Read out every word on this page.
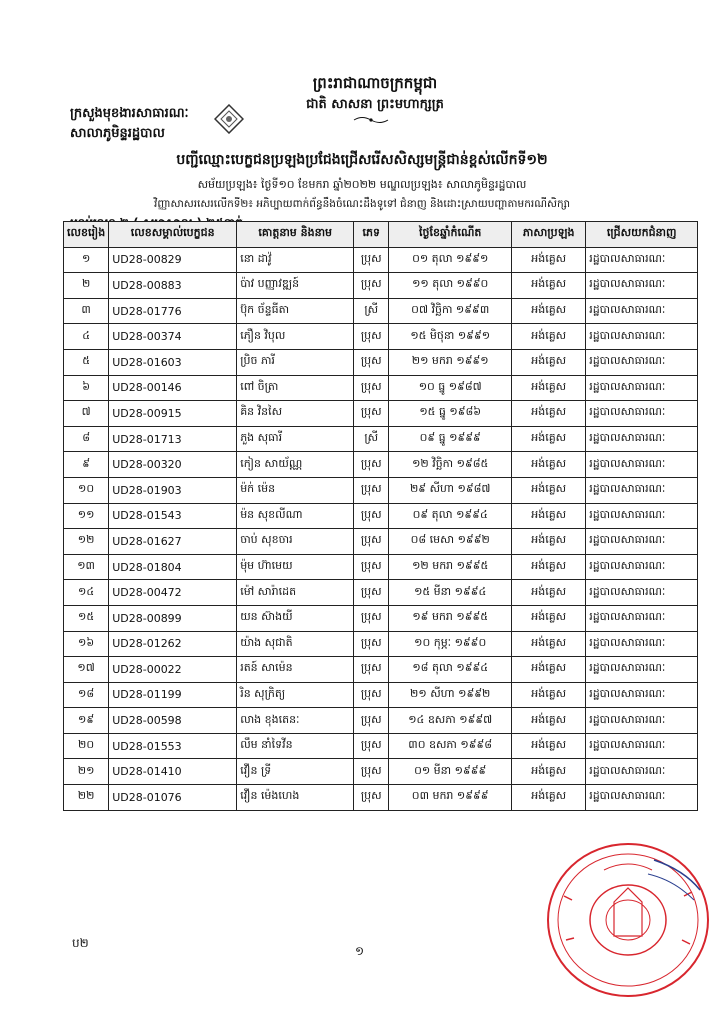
ព្រះរាជាណាចក្រកម្ពុជា
ជាតិ សាសនា ព្រះមហាក្សត្រ
ក្រសួងមុខងារសាធារណៈ
សាលាភូមិន្ទរដ្ឋបាល
បញ្ជីឈ្មោះបេក្ខជនប្រឡងប្រជែងជ្រើសរើសសិស្សមន្ត្រីជាន់ខ្ពស់លើកទី១២
សម័យប្រឡង៖ ថ្ងៃទី១០ ខែមករា ឆ្នាំ២០២២ មណ្ឌលប្រឡង៖ សាលាភូមិន្ទរដ្ឋបាល
វិញ្ញាសាសរសេរលើកទី២៖ អភិប្បាយពាក់ព័ន្ធនឹងចំណេះដឹងទូទៅ ជំនាញ និងដោះស្រាយបញ្ហាតាមករណីសិក្សា
លេខរៀង	លេខសម្គាល់បេក្ខជន	គោត្តនាម និងនាម	ភេទ	ថ្ងៃខែឆ្នាំកំណើត	ភាសាប្រឡង	ជ្រើសយកជំនាញ
១	UD28-00829	នោ ដាវ៉ូ	ប្រុស	០១ តុលា ១៩៩១	អង់គ្លេស	រដ្ឋបាលសាធារណៈ
២	UD28-00883	ប៉ាវ បញ្ញាវឌ្ឍន៍	ប្រុស	១១ តុលា ១៩៩០	អង់គ្លេស	រដ្ឋបាលសាធារណៈ
៣	UD28-01776	ប៊ុក ច័ន្ទធីតា	ស្រី	០៧ វិច្ឆិកា ១៩៩៣	អង់គ្លេស	រដ្ឋបាលសាធារណៈ
៤	UD28-00374	ភឿន វិបុល	ប្រុស	១៥ មិថុនា ១៩៩១	អង់គ្លេស	រដ្ឋបាលសាធារណៈ
៥	UD28-01603	ប្រិច ភារី	ប្រុស	២១ មករា ១៩៩១	អង់គ្លេស	រដ្ឋបាលសាធារណៈ
៦	UD28-00146	ពៅ ចិត្រា	ប្រុស	១០ ធ្នូ ១៩៨៧	អង់គ្លេស	រដ្ឋបាលសាធារណៈ
៧	UD28-00915	គិន វិនសៃ	ប្រុស	១៥ ធ្នូ ១៩៨៦	អង់គ្លេស	រដ្ឋបាលសាធារណៈ
៨	UD28-01713	ភួង សុធារី	ស្រី	០៩ ធ្នូ ១៩៩៩	អង់គ្លេស	រដ្ឋបាលសាធារណៈ
៩	UD28-00320	កៀន សាយ័ណ្ណ	ប្រុស	១២ វិច្ឆិកា ១៩៨៥	អង់គ្លេស	រដ្ឋបាលសាធារណៈ
១០	UD28-01903	ម៉ក់ ម៉េន	ប្រុស	២៩ សីហា ១៩៨៧	អង់គ្លេស	រដ្ឋបាលសាធារណៈ
១១	UD28-01543	ម៉ន សុខលីណា	ប្រុស	០៩ តុលា ១៩៩៤	អង់គ្លេស	រដ្ឋបាលសាធារណៈ
១២	UD28-01627	ចាប់ សុខចារ	ប្រុស	០៨ មេសា ១៩៩២	អង់គ្លេស	រដ្ឋបាលសាធារណៈ
១៣	UD28-01804	ម៉ុម ហ៊ាមេយ	ប្រុស	១២ មករា ១៩៩៥	អង់គ្លេស	រដ្ឋបាលសាធារណៈ
១៤	UD28-00472	ម៉ៅ សារ៉ាដេត	ប្រុស	១៥ មីនា ១៩៩៤	អង់គ្លេស	រដ្ឋបាលសាធារណៈ
១៥	UD28-00899	យន ស៊ាងយី	ប្រុស	១៩ មករា ១៩៩៥	អង់គ្លេស	រដ្ឋបាលសាធារណៈ
១៦	UD28-01262	យ៉ាង សុជាតិ	ប្រុស	១០ កុម្ភៈ ១៩៩០	អង់គ្លេស	រដ្ឋបាលសាធារណៈ
១៧	UD28-00022	រតន៍ សាម៉េន	ប្រុស	១៨ តុលា ១៩៩៤	អង់គ្លេស	រដ្ឋបាលសាធារណៈ
១៨	UD28-01199	រិន សុក្រិត្យ	ប្រុស	២១ សីហា ១៩៩២	អង់គ្លេស	រដ្ឋបាលសាធារណៈ
១៩	UD28-00598	លាង ខុងតេនៈ	ប្រុស	១៤ ឧសភា ១៩៩៧	អង់គ្លេស	រដ្ឋបាលសាធារណៈ
២០	UD28-01553	លឹម នាំទៃវីន	ប្រុស	៣០ ឧសភា ១៩៩៨	អង់គ្លេស	រដ្ឋបាលសាធារណៈ
២១	UD28-01410	វឿន ទ្រី	ប្រុស	០១ មីនា ១៩៩៩	អង់គ្លេស	រដ្ឋបាលសាធារណៈ
២២	UD28-01076	វឿន ម៉េងហេង	ប្រុស	០៣ មករា ១៩៩៩	អង់គ្លេស	រដ្ឋបាលសាធារណៈ
ប២
១
